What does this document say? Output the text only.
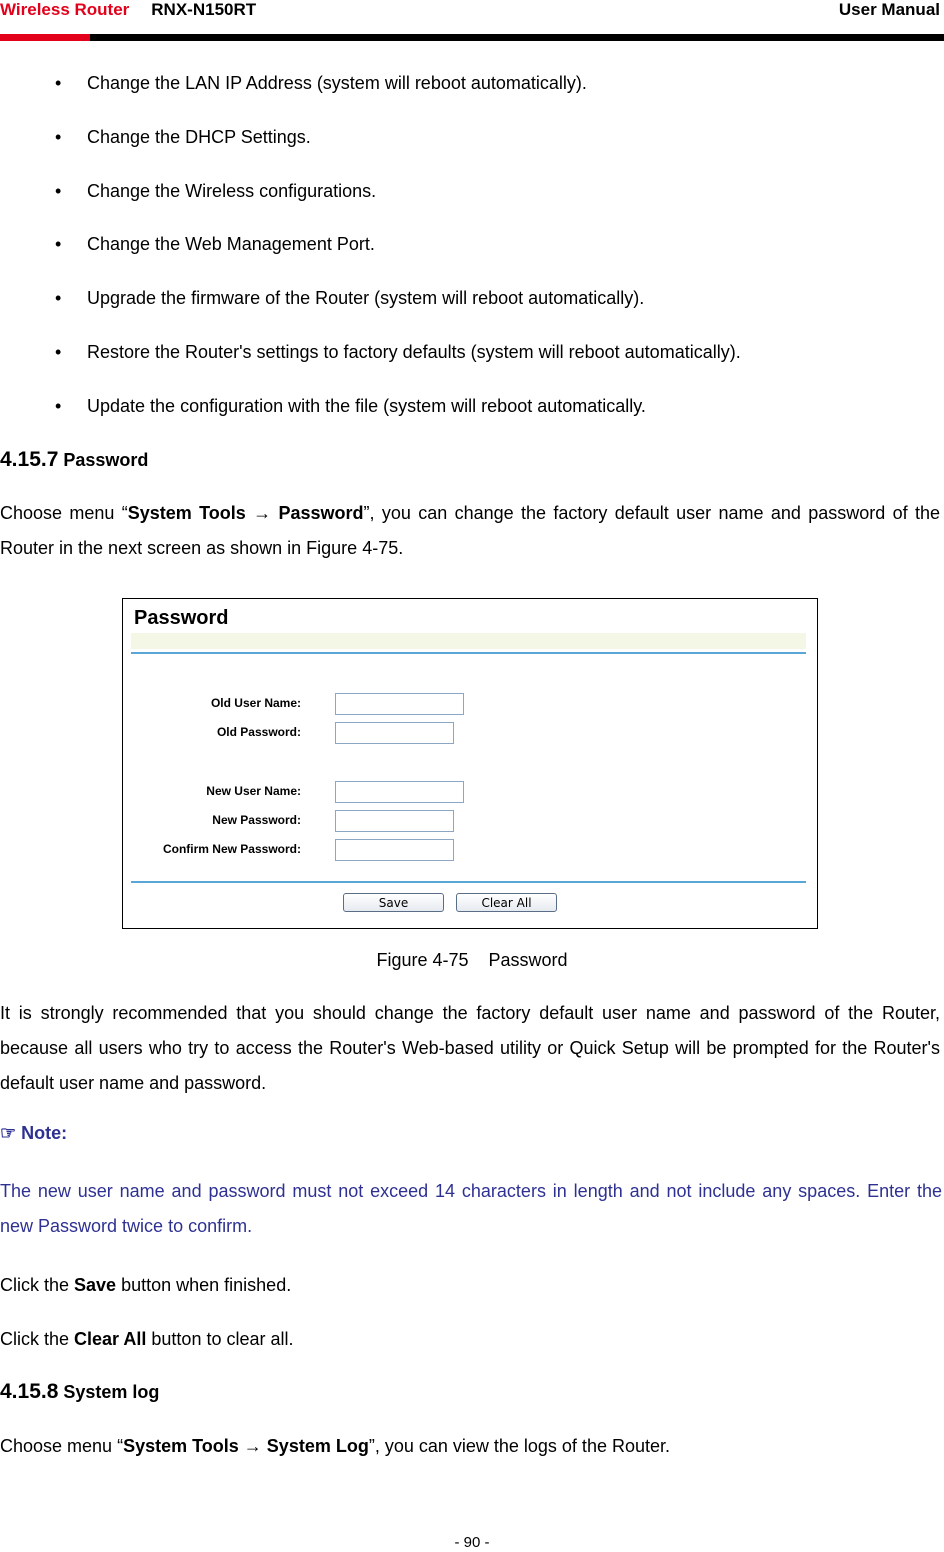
Wireless Router RNX-N150RT	User Manual
• Change the LAN IP Address (system will reboot automatically).
• Change the DHCP Settings.
• Change the Wireless configurations.
• Change the Web Management Port.
• Upgrade the firmware of the Router (system will reboot automatically).
• Restore the Router's settings to factory defaults (system will reboot automatically).
• Update the configuration with the file (system will reboot automatically.
4.15.7 Password
Choose menu “System Tools → Password”, you can change the factory default user name and password of the Router in the next screen as shown in Figure 4-75.
Password
Old User Name:
Old Password:
New User Name:
New Password:
Confirm New Password:
Save	Clear All
Figure 4-75    Password
It is strongly recommended that you should change the factory default user name and password of the Router, because all users who try to access the Router's Web-based utility or Quick Setup will be prompted for the Router's default user name and password.
☞ Note:
The new user name and password must not exceed 14 characters in length and not include any spaces. Enter the new Password twice to confirm.
Click the Save button when finished.
Click the Clear All button to clear all.
4.15.8 System log
Choose menu “System Tools → System Log”, you can view the logs of the Router.
- 90 -
